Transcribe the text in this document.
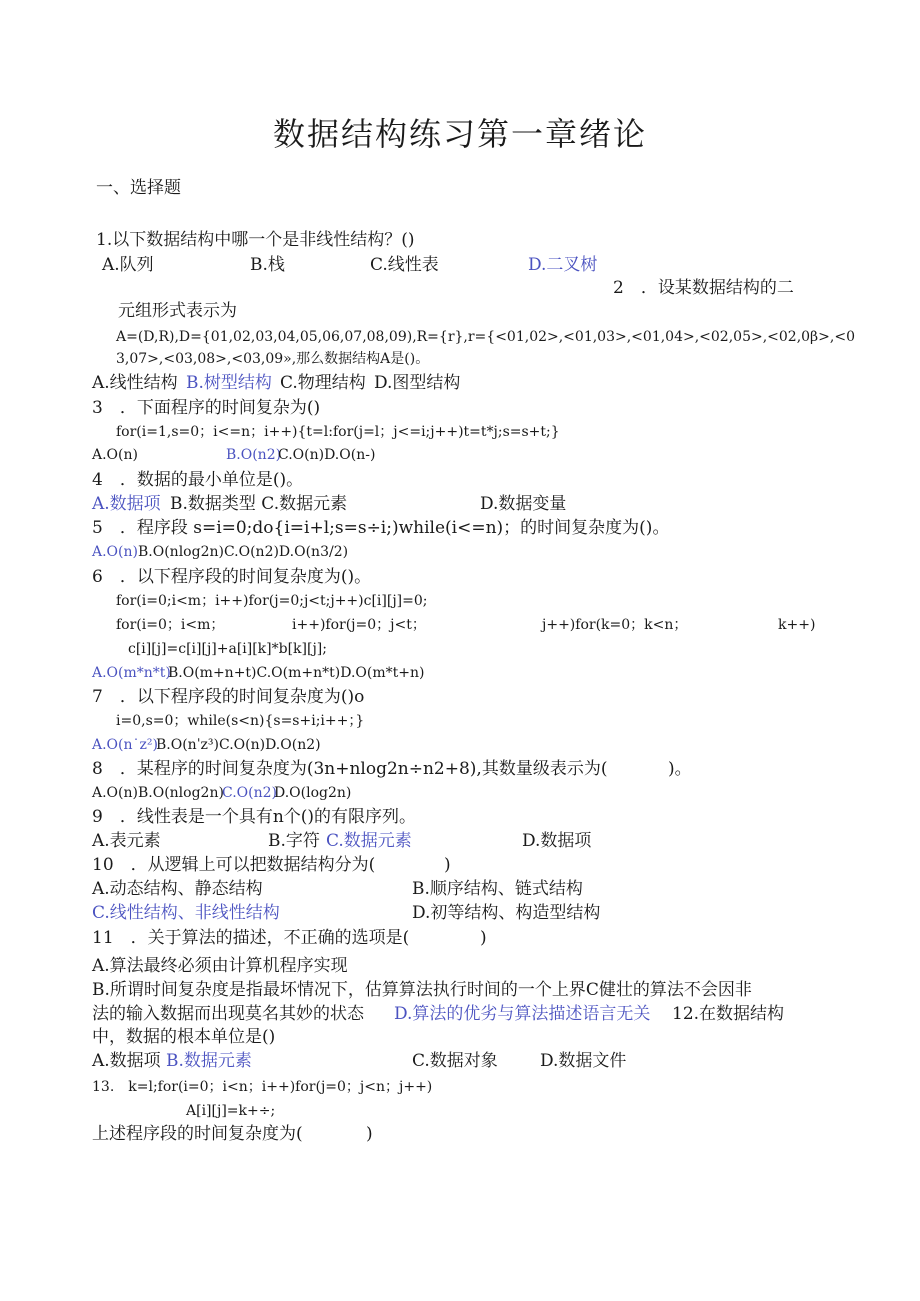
数据结构练习第一章绪论
一、选择题
1.以下数据结构中哪一个是非线性结构？()
A.队列	B.栈	C.线性表	D.二叉树
2　．设某数据结构的二
元组形式表示为
A=(D,R),D={01,02,03,04,05,06,07,08,09),R={r},r={<01,02>,<01,03>,<01,04>,<02,05>,<02,0β>,<0
3,07>,<03,08>,<03,09»,那么数据结构A是()。
A.线性结构 B.树型结构 C.物理结构 D.图型结构
3　．下面程序的时间复杂为()
for(i=1,s=0；i<=n；i++){t=l:for(j=l；j<=i;j++)t=t*j;s=s+t;}
A.O(n)	B.O(n2)
C.O(n)D.O(n-)
4　．数据的最小单位是()。
A.数据项 B.数据类型 C.数据元素	D.数据变量
5　．程序段 s=i=0;do{i=i+l;s=s÷i;)while(i<=n)；的时间复杂度为()。
A.O(n) B.O(nlog2n)C.O(n2)D.O(n3/2)
6　．以下程序段的时间复杂度为()。
for(i=0;i<m；i++)for(j=0;j<t;j++)c[i][j]=0;
for(i=0；i<m；	i++)for(j=0；j<t；	j++)for(k=0；k<n；	k++)
c[i][j]=c[i][j]+a[i][k]*b[k][j];
A.O(m*n*t)
B.O(m+n+t)C.O(m+n*t)D.O(m*t+n)
7　．以下程序段的时间复杂度为()o
i=0,s=0；while(s<n){s=s+i;i++；}
A.O(n˙z²)
B.O(nˈz³)C.O(n)D.O(n2)
8　．某程序的时间复杂度为(3n+nlog2n÷n2+8),其数量级表示为(	)。
A.O(n)B.O(nlog2n)
C.O(n2)
D.O(log2n)
9　．线性表是一个具有n个()的有限序列。
A.表元素	B.字符 C.数据元素	D.数据项
10　．从逻辑上可以把数据结构分为(	)
A.动态结构、静态结构	B.顺序结构、链式结构
C.线性结构、非线性结构	D.初等结构、构造型结构
11　．关于算法的描述，不正确的选项是(	)
A.算法最终必须由计算机程序实现
B.所谓时间复杂度是指最坏情况下，估算算法执行时间的一个上界C健壮的算法不会因非
法的输入数据而出现莫名其妙的状态 D.算法的优劣与算法描述语言无关 12.在数据结构
中，数据的根本单位是()
A.数据项 B.数据元素	C.数据对象 D.数据文件
13.　k=l;for(i=0；i<n；i++)for(j=0；j<n；j++)
A[i][j]=k+÷;
上述程序段的时间复杂度为(	)
